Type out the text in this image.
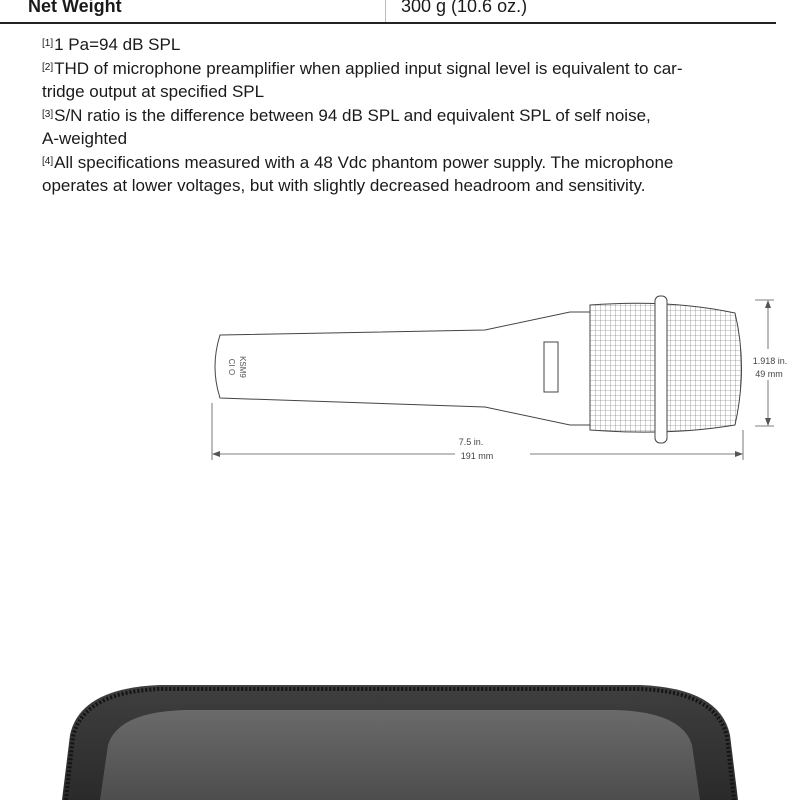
Net Weight	300 g (10.6 oz.)

[1]1 Pa=94 dB SPL

[2]THD of microphone preamplifier when applied input signal level is equivalent to car-
tridge output at specified SPL

[3]S/N ratio is the difference between 94 dB SPL and equivalent SPL of self noise,
A-weighted

[4]All specifications measured with a 48 Vdc phantom power supply. The microphone
operates at lower voltages, but with slightly decreased headroom and sensitivity.

KSM9
CI O	1.918 in.
49 mm
7.5 in.
191 mm
